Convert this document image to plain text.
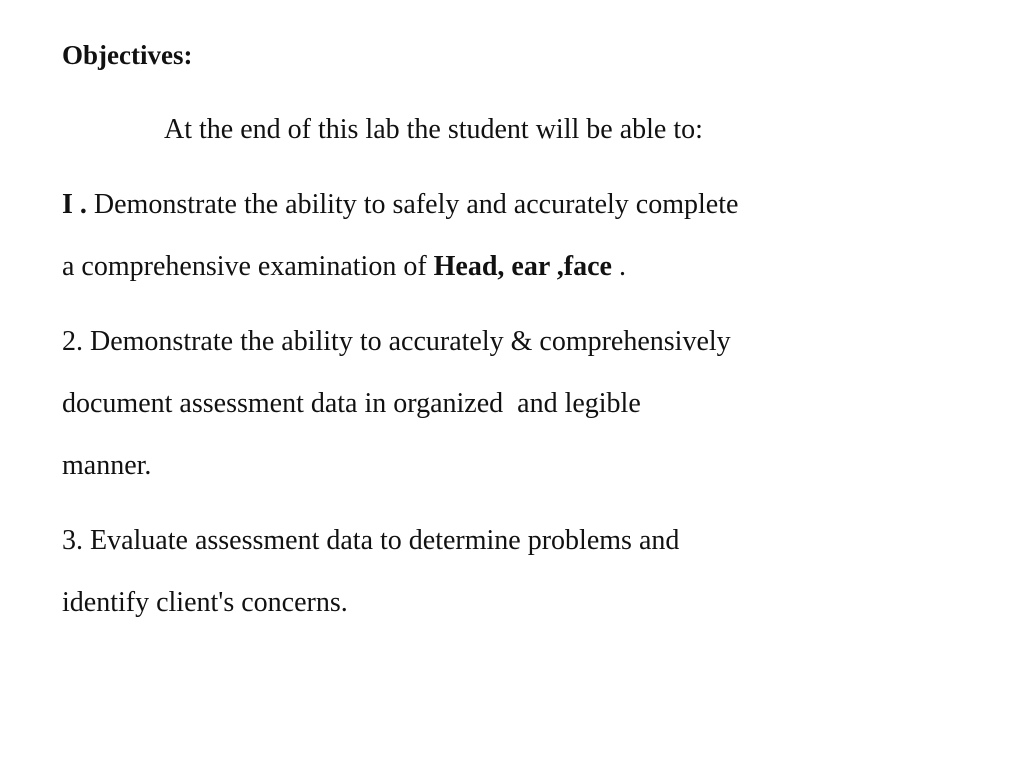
Objectives:
At the end of this lab the student will be able to:
I . Demonstrate the ability to safely and accurately complete
a comprehensive examination of Head, ear ,face .
2. Demonstrate the ability to accurately & comprehensively
document assessment data in organized  and legible
manner.
3. Evaluate assessment data to determine problems and
identify client's concerns.
